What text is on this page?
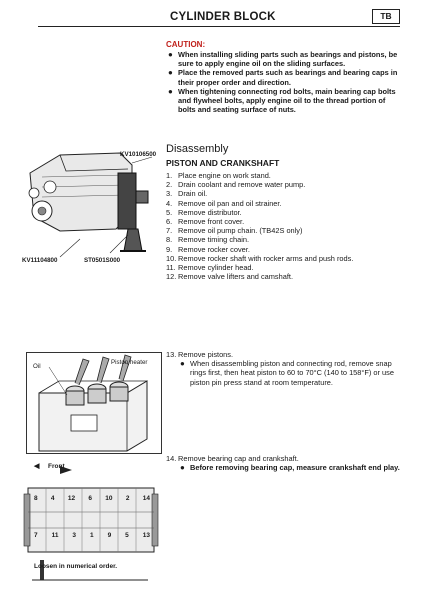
CYLINDER BLOCK	TB
CAUTION:
● When installing sliding parts such as bearings and pistons, be sure to apply engine oil on the sliding surfaces.
● Place the removed parts such as bearings and bearing caps in their proper order and direction.
● When tightening connecting rod bolts, main bearing cap bolts and flywheel bolts, apply engine oil to the thread portion of bolts and seating surface of nuts.
Disassembly
PISTON AND CRANKSHAFT
1. Place engine on work stand.
2. Drain coolant and remove water pump.
3. Drain oil.
4. Remove oil pan and oil strainer.
5. Remove distributor.
6. Remove front cover.
7. Remove oil pump chain. (TB42S only)
8. Remove timing chain.
9. Remove rocker cover.
10. Remove rocker shaft with rocker arms and push rods.
11. Remove cylinder head.
12. Remove valve lifters and camshaft.
13. Remove pistons.
● When disassembling piston and connecting rod, remove snap rings first, then heat piston to 60 to 70°C (140 to 158°F) or use piston pin press stand at room temperature.
14. Remove bearing cap and crankshaft.
● Before removing bearing cap, measure crankshaft end play.
KV10106500
KV11104800	ST0501S000
Piston heater
Oil
◀ Front
8 4 12 6 10 2 14
7 11 3 1 9 5 13
Loosen in numerical order.
